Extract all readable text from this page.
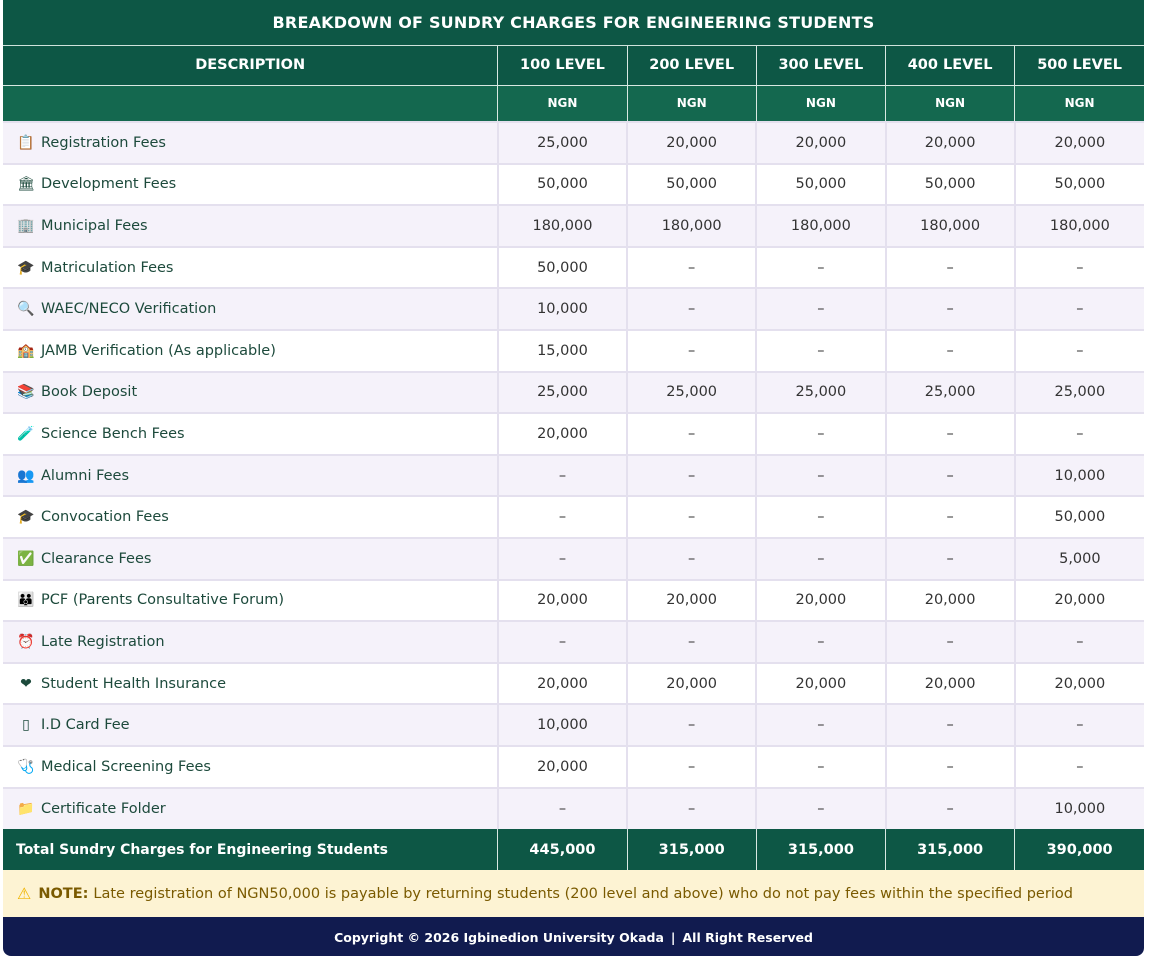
BREAKDOWN OF SUNDRY CHARGES FOR ENGINEERING STUDENTS					
DESCRIPTION	100 LEVEL	200 LEVEL	300 LEVEL	400 LEVEL	500 LEVEL
	NGN	NGN	NGN	NGN	NGN
📋 Registration Fees	25,000	20,000	20,000	20,000	20,000
🏛 Development Fees	50,000	50,000	50,000	50,000	50,000
🏢 Municipal Fees	180,000	180,000	180,000	180,000	180,000
🎓 Matriculation Fees	50,000	–	–	–	–
🔍 WAEC/NECO Verification	10,000	–	–	–	–
🏫 JAMB Verification (As applicable)	15,000	–	–	–	–
📚 Book Deposit	25,000	25,000	25,000	25,000	25,000
🧪 Science Bench Fees	20,000	–	–	–	–
👥 Alumni Fees	–	–	–	–	10,000
🎓 Convocation Fees	–	–	–	–	50,000
✅ Clearance Fees	–	–	–	–	5,000
👪 PCF (Parents Consultative Forum)	20,000	20,000	20,000	20,000	20,000
⏰ Late Registration	–	–	–	–	–
❤ Student Health Insurance	20,000	20,000	20,000	20,000	20,000
▯ I.D Card Fee	10,000	–	–	–	–
🩺 Medical Screening Fees	20,000	–	–	–	–
📁 Certificate Folder	–	–	–	–	10,000
Total Sundry Charges for Engineering Students	445,000	315,000	315,000	315,000	390,000
⚠ NOTE: Late registration of NGN50,000 is payable by returning students (200 level and above) who do not pay fees within the specified period
Copyright © 2026 Igbinedion University Okada | All Right Reserved
